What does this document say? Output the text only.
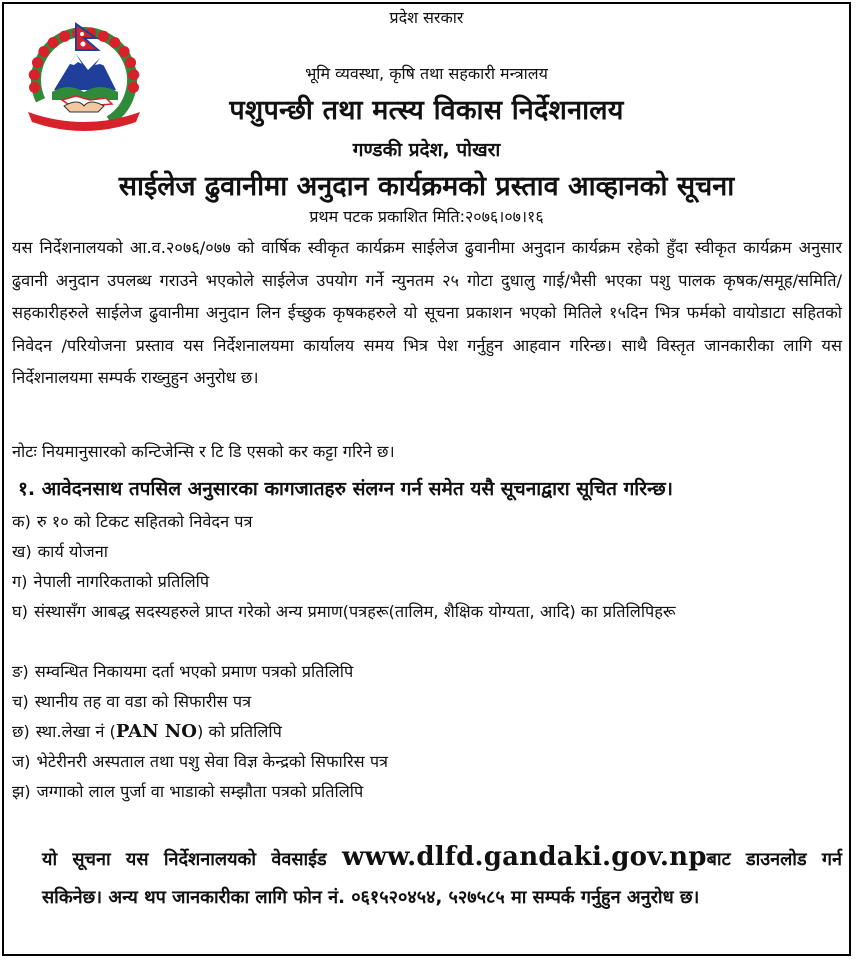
प्रदेश सरकार
भूमि व्यवस्था, कृषि तथा सहकारी मन्त्रालय
पशुपन्छी तथा मत्स्य विकास निर्देशनालय
गण्डकी प्रदेश, पोखरा
साईलेज ढुवानीमा अनुदान कार्यक्रमको प्रस्ताव आव्हानको सूचना
प्रथम पटक प्रकाशित मिति:२०७६।०७।१६
यस निर्देशनालयको आ.व.२०७६/०७७ को वार्षिक स्वीकृत कार्यक्रम साईलेज ढुवानीमा अनुदान कार्यक्रम रहेको हुँदा स्वीकृत कार्यक्रम अनुसार ढुवानी अनुदान उपलब्ध गराउने भएकोले साईलेज उपयोग गर्ने न्युनतम २५ गोटा दुधालु गाई/भैसी भएका पशु पालक कृषक/समूह/समिति/सहकारीहरुले साईलेज ढुवानीमा अनुदान लिन ईच्छुक कृषकहरुले यो सूचना प्रकाशन भएको मितिले १५दिन भित्र फर्मको वायोडाटा सहितको निवेदन /परियोजना प्रस्ताव यस निर्देशनालयमा कार्यालय समय भित्र पेश गर्नुहुन आहवान गरिन्छ। साथै विस्तृत जानकारीका लागि यस निर्देशनालयमा सम्पर्क राख्नुहुन अनुरोध छ।
नोटः नियमानुसारको कन्टिजेन्सि र टि डि एसको कर कट्टा गरिने छ।
१. आवेदनसाथ तपसिल अनुसारका कागजातहरु संलग्न गर्न समेत यसै सूचनाद्वारा सूचित गरिन्छ।
क) रु १० को टिकट सहितको निवेदन पत्र
ख) कार्य योजना
ग) नेपाली नागरिकताको प्रतिलिपि
घ) संस्थासँग आबद्ध सदस्यहरुले प्राप्त गरेको अन्य प्रमाण(पत्रहरू(तालिम, शैक्षिक योग्यता, आदि) का प्रतिलिपिहरू
ङ) सम्वन्धित निकायमा दर्ता भएको प्रमाण पत्रको प्रतिलिपि
च) स्थानीय तह वा वडा को सिफारीस पत्र
छ) स्था.लेखा नं (PAN NO) को प्रतिलिपि
ज) भेटेरीनरी अस्पताल तथा पशु सेवा विज्ञ केन्द्रको सिफारिस पत्र
झ) जग्गाको लाल पुर्जा वा भाडाको सम्झौता पत्रको प्रतिलिपि
यो सूचना यस निर्देशनालयको वेवसाईड www.dlfd.gandaki.gov.npबाट डाउनलोड गर्न सकिनेछ। अन्य थप जानकारीका लागि फोन नं. ०६१५२०४५४, ५२७५८५ मा सम्पर्क गर्नुहुन अनुरोध छ।
